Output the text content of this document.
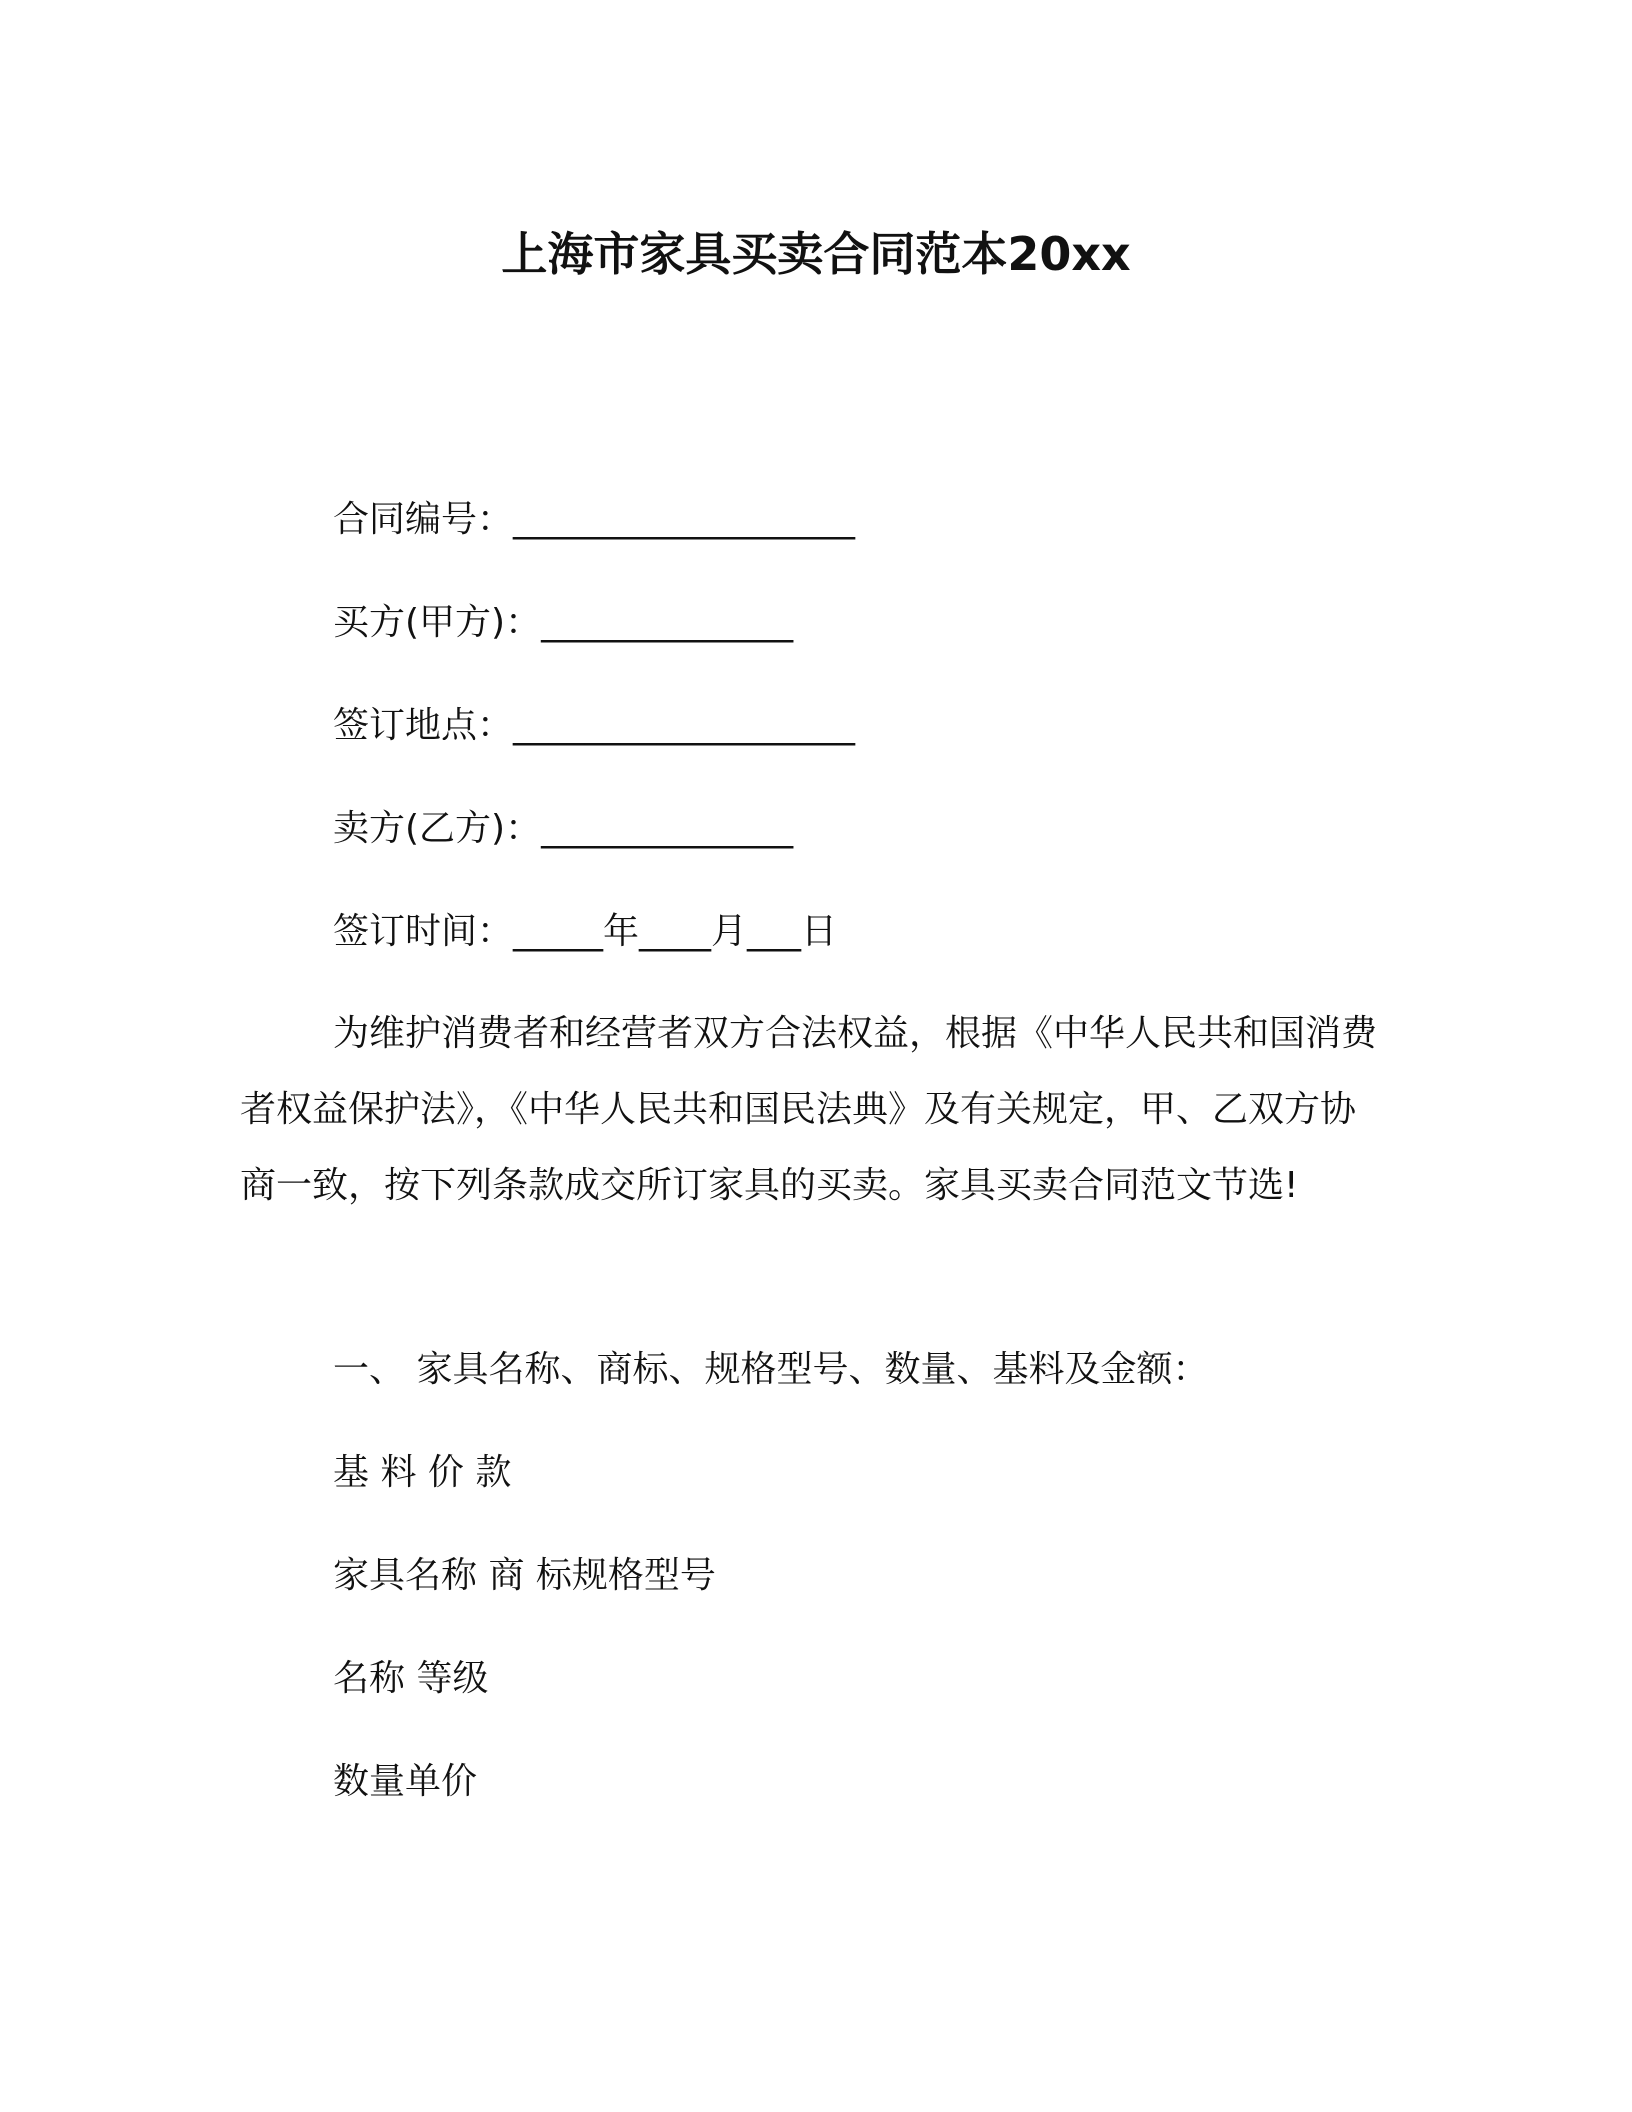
上海市家具买卖合同范本20xx
合同编号：___________________
买方(甲方)：______________
签订地点：___________________
卖方(乙方)：______________
签订时间：_____年____月___日
为维护消费者和经营者双方合法权益，根据《中华人民共和国消费者权益保护法》，《中华人民共和国民法典》及有关规定，甲、乙双方协商一致，按下列条款成交所订家具的买卖。家具买卖合同范文节选!
一、 家具名称、商标、规格型号、数量、基料及金额：
基 料 价 款
家具名称 商 标规格型号
名称 等级
数量单价
